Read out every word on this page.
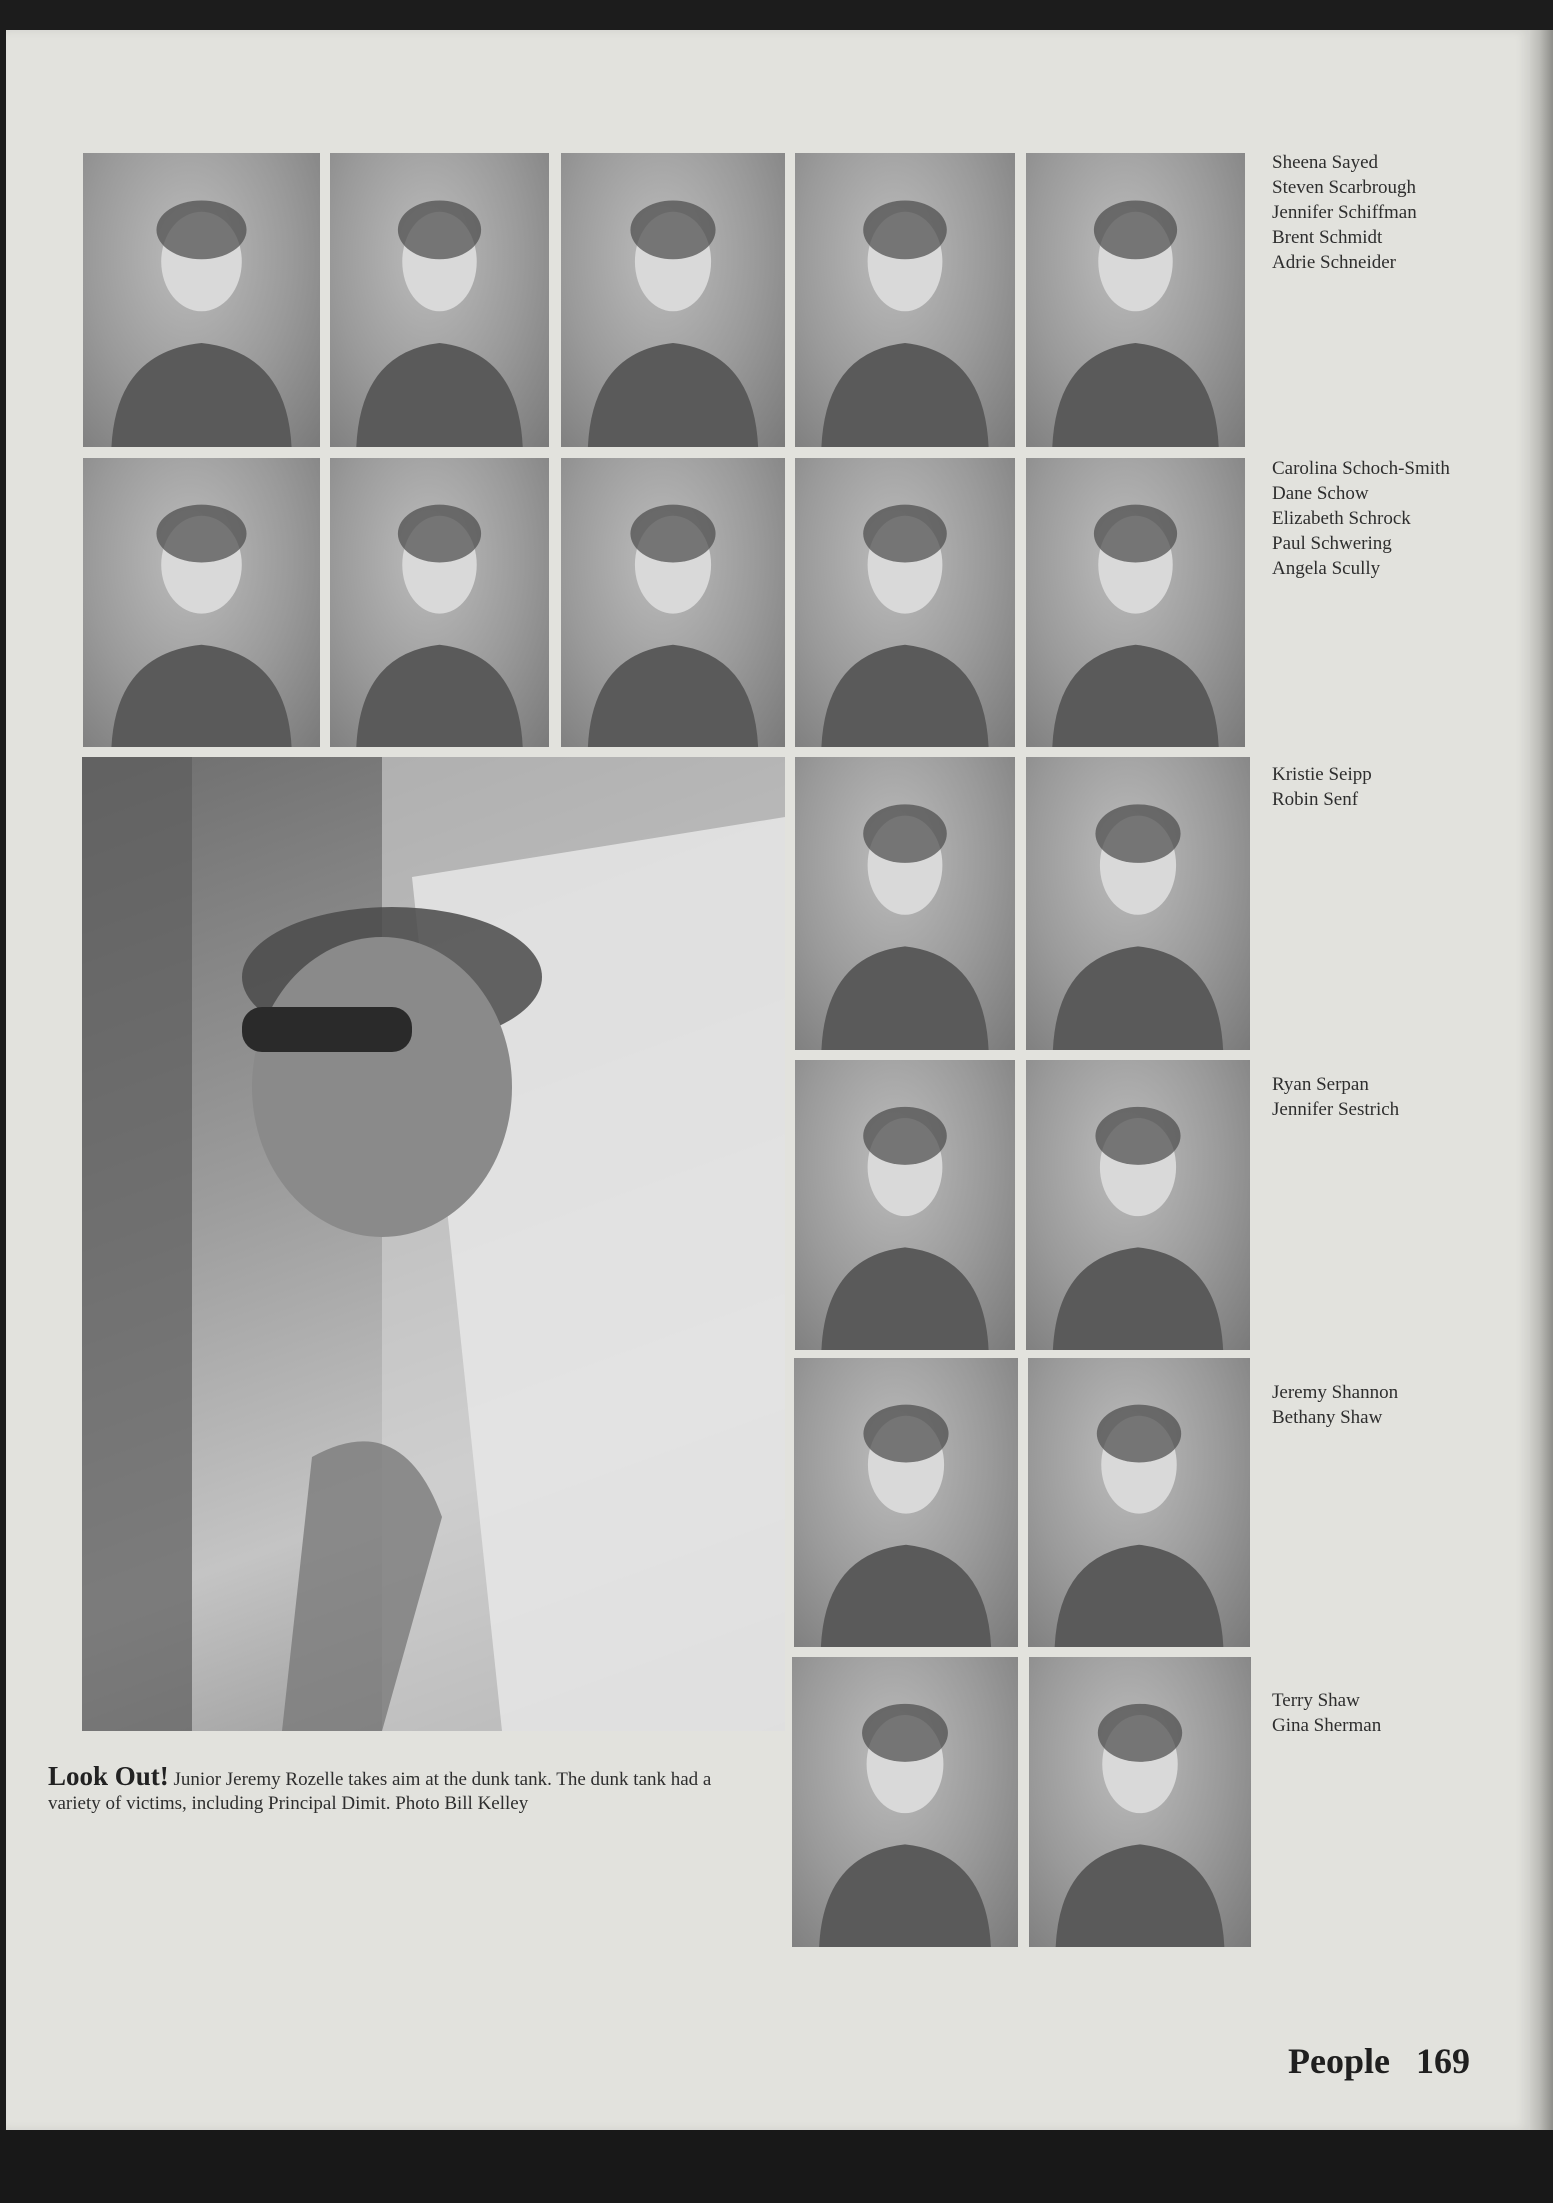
Sheena Sayed
Steven Scarbrough
Jennifer Schiffman
Brent Schmidt
Adrie Schneider
Carolina Schoch-Smith
Dane Schow
Elizabeth Schrock
Paul Schwering
Angela Scully
Look Out! Junior Jeremy Rozelle takes aim at the dunk tank. The dunk tank had a variety of victims, including Principal Dimit. Photo Bill Kelley
Kristie Seipp
Robin Senf
Ryan Serpan
Jennifer Sestrich
Jeremy Shannon
Bethany Shaw
Terry Shaw
Gina Sherman
People 169
